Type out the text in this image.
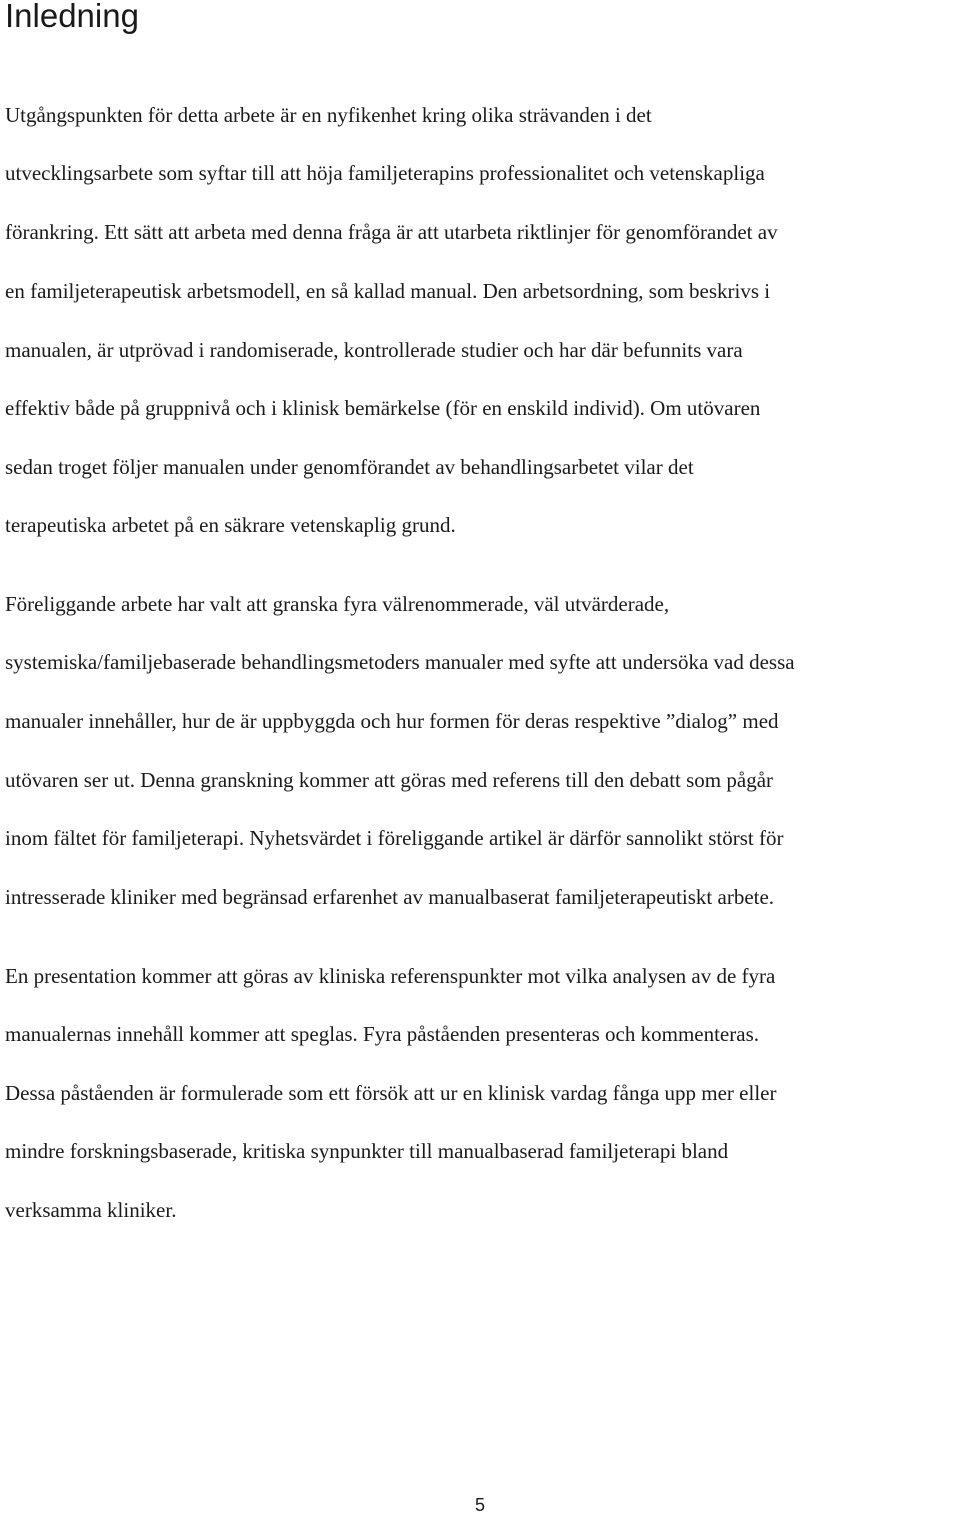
Inledning

Utgångspunkten för detta arbete är en nyfikenhet kring olika strävanden i det

utvecklingsarbete som syftar till att höja familjeterapins professionalitet och vetenskapliga

förankring. Ett sätt att arbeta med denna fråga är att utarbeta riktlinjer för genomförandet av

en familjeterapeutisk arbetsmodell, en så kallad manual. Den arbetsordning, som beskrivs i

manualen, är utprövad i randomiserade, kontrollerade studier och har där befunnits vara

effektiv både på gruppnivå och i klinisk bemärkelse (för en enskild individ). Om utövaren

sedan troget följer manualen under genomförandet av behandlingsarbetet vilar det

terapeutiska arbetet på en säkrare vetenskaplig grund.

Föreliggande arbete har valt att granska fyra välrenommerade, väl utvärderade,

systemiska/familjebaserade behandlingsmetoders manualer med syfte att undersöka vad dessa

manualer innehåller, hur de är uppbyggda och hur formen för deras respektive ”dialog” med

utövaren ser ut. Denna granskning kommer att göras med referens till den debatt som pågår

inom fältet för familjeterapi. Nyhetsvärdet i föreliggande artikel är därför sannolikt störst för

intresserade kliniker med begränsad erfarenhet av manualbaserat familjeterapeutiskt arbete.

En presentation kommer att göras av kliniska referenspunkter mot vilka analysen av de fyra

manualernas innehåll kommer att speglas. Fyra påståenden presenteras och kommenteras.

Dessa påståenden är formulerade som ett försök att ur en klinisk vardag fånga upp mer eller

mindre forskningsbaserade, kritiska synpunkter till manualbaserad familjeterapi bland

verksamma kliniker.

5
